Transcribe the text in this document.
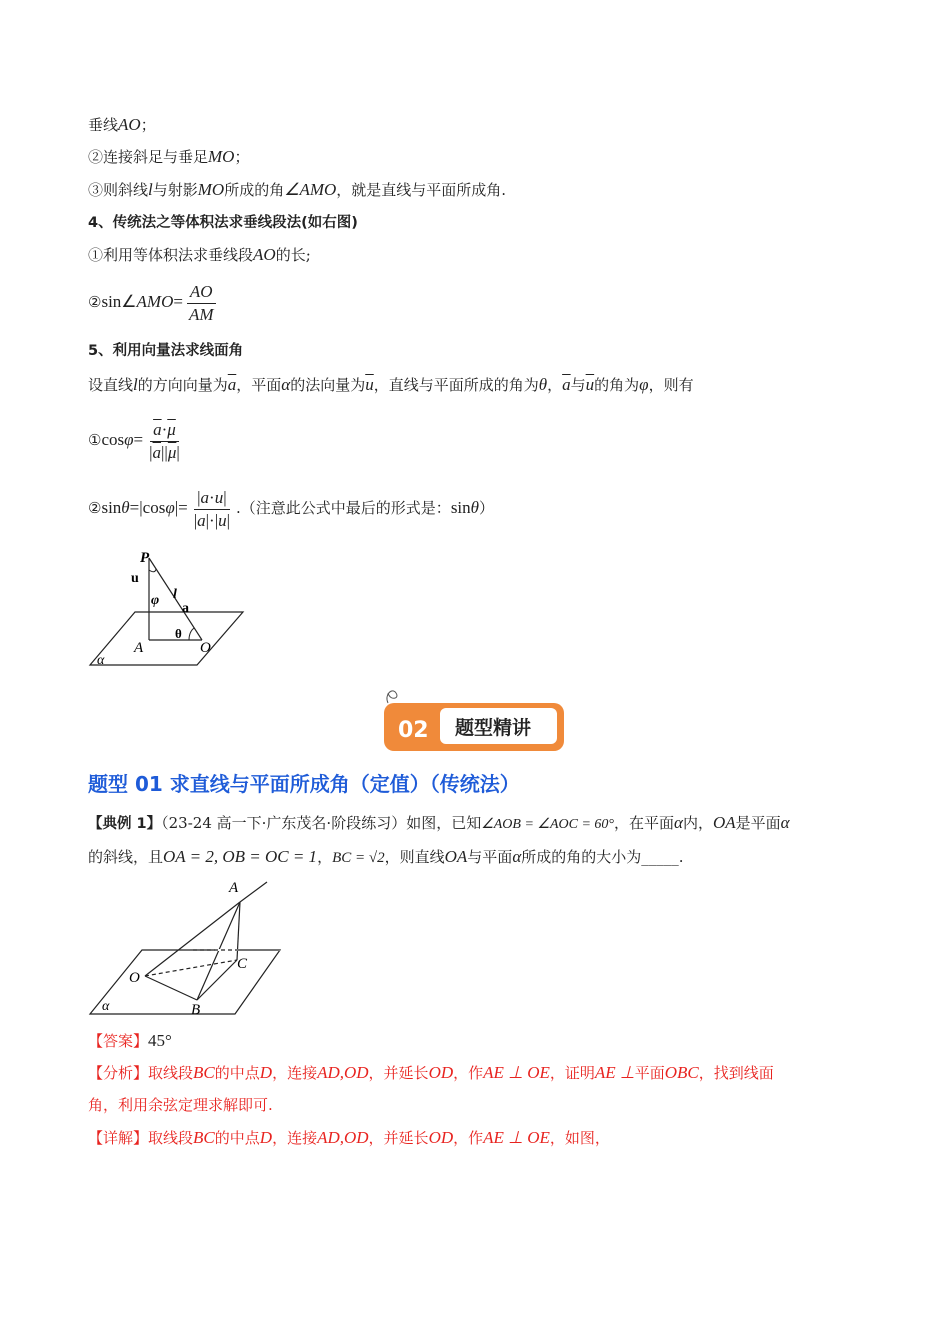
垂线AO；
②连接斜足与垂足MO；
③则斜线l与射影MO所成的角∠AMO，就是直线与平面所成角.
4、传统法之等体积法求垂线段法(如右图)
①利用等体积法求垂线段AO的长;
②sin∠AMO= $\frac{AO}{AM}$
5、利用向量法求线面角
设直线l的方向向量为$\overline{a}$，平面α的法向量为$\overline{u}$，直线与平面所成的角为θ，$\overline{a}$与$\overline{u}$的角为φ，则有
①cosφ= $\frac{\overline{a}\cdot\overline{\mu}}{|\overline{a}||\overline{\mu}|}$
②sinθ=|cosφ|= $\frac{|a\cdot u|}{|a|\cdot|u|}$ .（注意此公式中最后的形式是：sinθ）
P
u
φ l
a
θ
A	O
α
02 题型精讲
题型 01 求直线与平面所成角（定值）（传统法）
【典例 1】（23-24 高一下·广东茂名·阶段练习）如图，已知∠AOB = ∠AOC = 60°，在平面α内，OA是平面α
的斜线，且OA = 2, OB = OC = 1，BC = √2，则直线OA与平面α所成的角的大小为_____.
A
O
C
B
α
【答案】45°
【分析】取线段BC的中点D，连接AD,OD，并延长OD，作AE ⊥ OE，证明AE ⊥平面OBC，找到线面
角，利用余弦定理求解即可.
【详解】取线段BC的中点D，连接AD,OD，并延长OD，作AE ⊥ OE，如图，
